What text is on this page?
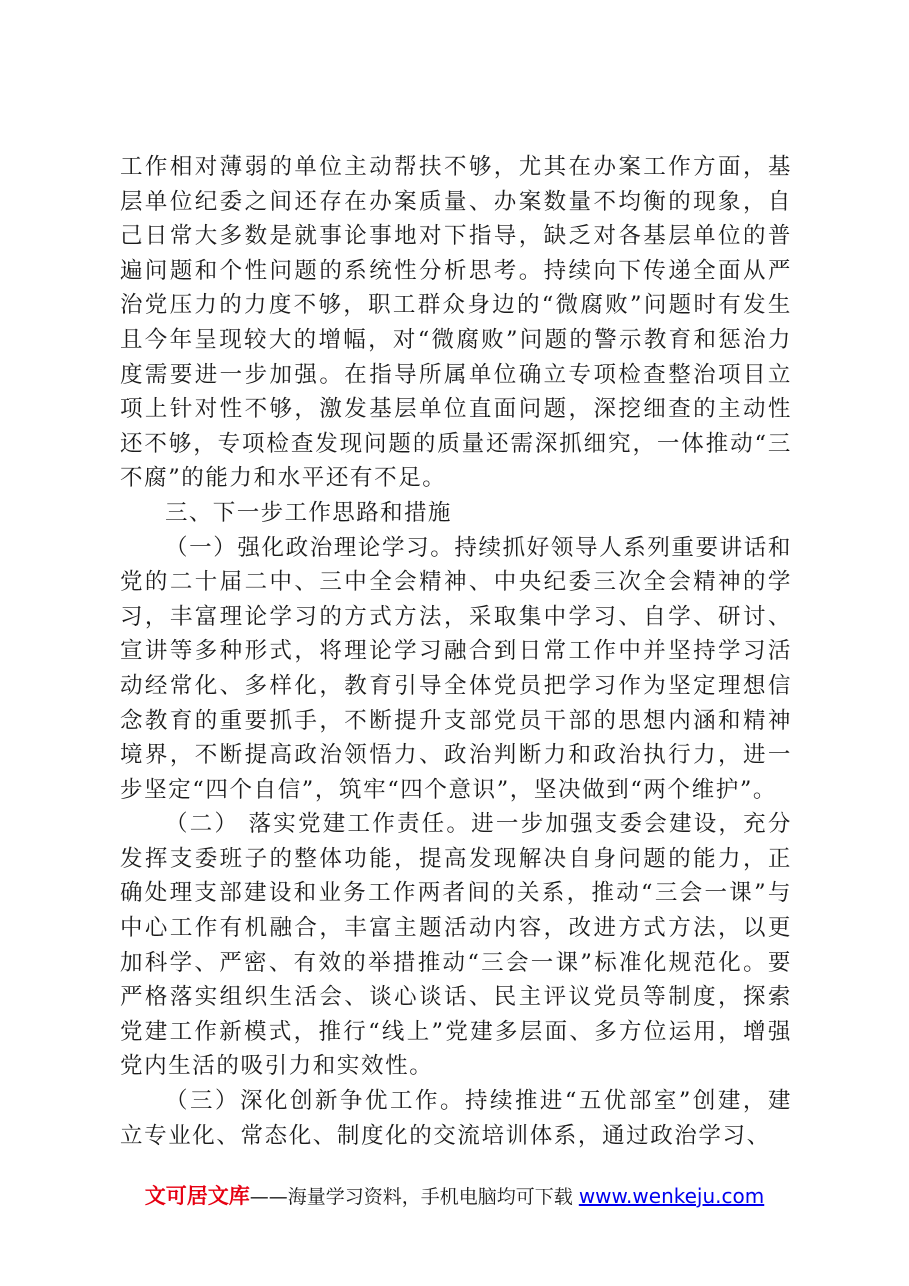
工作相对薄弱的单位主动帮扶不够，尤其在办案工作方面，基层单位纪委之间还存在办案质量、办案数量不均衡的现象，自己日常大多数是就事论事地对下指导，缺乏对各基层单位的普遍问题和个性问题的系统性分析思考。持续向下传递全面从严治党压力的力度不够，职工群众身边的“微腐败”问题时有发生且今年呈现较大的增幅，对“微腐败”问题的警示教育和惩治力度需要进一步加强。在指导所属单位确立专项检查整治项目立项上针对性不够，激发基层单位直面问题，深挖细查的主动性还不够，专项检查发现问题的质量还需深抓细究，一体推动“三不腐”的能力和水平还有不足。

三、下一步工作思路和措施

（一）强化政治理论学习。持续抓好领导人系列重要讲话和党的二十届二中、三中全会精神、中央纪委三次全会精神的学习，丰富理论学习的方式方法，采取集中学习、自学、研讨、宣讲等多种形式，将理论学习融合到日常工作中并坚持学习活动经常化、多样化，教育引导全体党员把学习作为坚定理想信念教育的重要抓手，不断提升支部党员干部的思想内涵和精神境界，不断提高政治领悟力、政治判断力和政治执行力，进一步坚定“四个自信”，筑牢“四个意识”，坚决做到“两个维护”。

（二） 落实党建工作责任。进一步加强支委会建设，充分发挥支委班子的整体功能，提高发现解决自身问题的能力，正确处理支部建设和业务工作两者间的关系，推动“三会一课”与中心工作有机融合，丰富主题活动内容，改进方式方法，以更加科学、严密、有效的举措推动“三会一课”标准化规范化。要严格落实组织生活会、谈心谈话、民主评议党员等制度，探索党建工作新模式，推行“线上”党建多层面、多方位运用，增强党内生活的吸引力和实效性。

（三）深化创新争优工作。持续推进“五优部室”创建，建立专业化、常态化、制度化的交流培训体系，通过政治学习、

文可居文库——海量学习资料，手机电脑均可下载 www.wenkeju.com
